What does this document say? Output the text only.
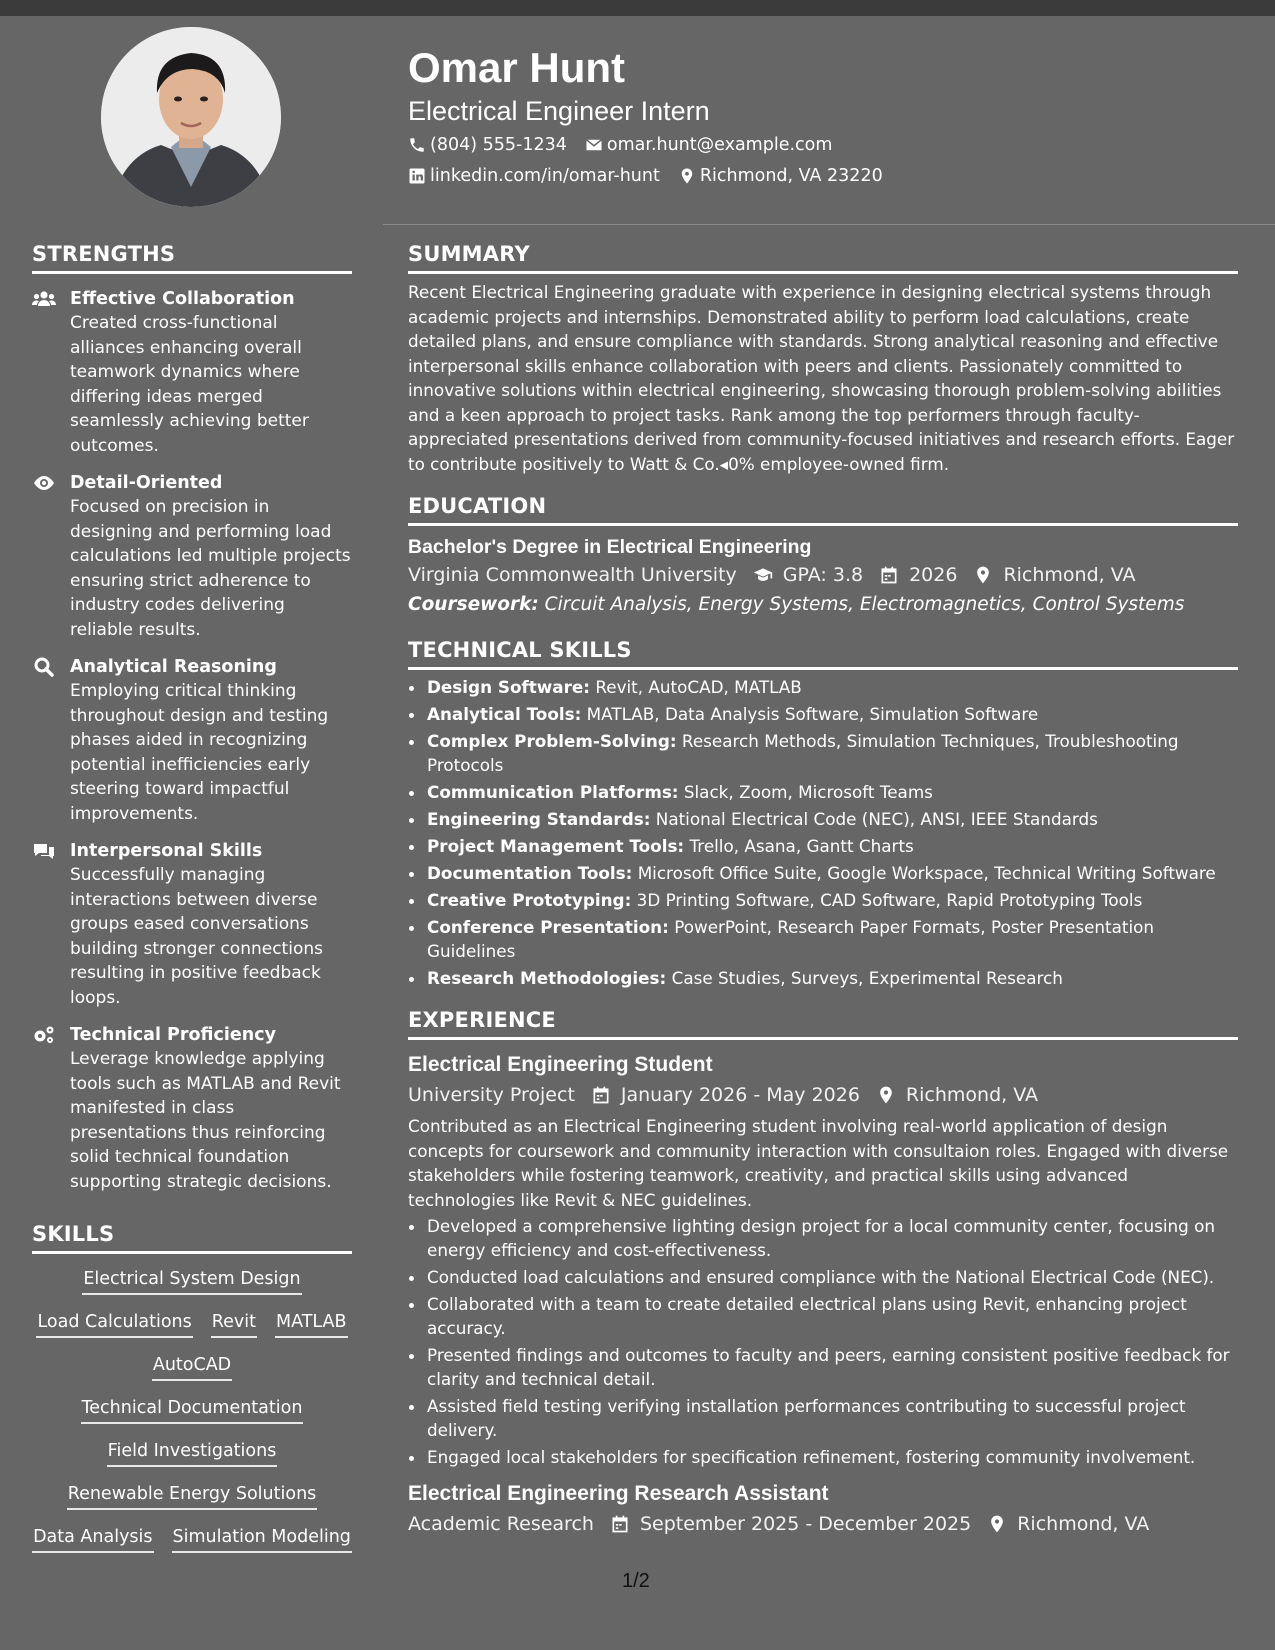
Omar Hunt
Electrical Engineer Intern
(804) 555-1234 omar.hunt@example.com
linkedin.com/in/omar-hunt Richmond, VA 23220
STRENGTHS
Effective Collaboration
Created cross-functional alliances enhancing overall teamwork dynamics where differing ideas merged seamlessly achieving better outcomes.
Detail-Oriented
Focused on precision in designing and performing load calculations led multiple projects ensuring strict adherence to industry codes delivering reliable results.
Analytical Reasoning
Employing critical thinking throughout design and testing phases aided in recognizing potential inefficiencies early steering toward impactful improvements.
Interpersonal Skills
Successfully managing interactions between diverse groups eased conversations building stronger connections resulting in positive feedback loops.
Technical Proficiency
Leverage knowledge applying tools such as MATLAB and Revit manifested in class presentations thus reinforcing solid technical foundation supporting strategic decisions.
SKILLS
Electrical System Design
Load Calculations Revit MATLAB
AutoCAD
Technical Documentation
Field Investigations
Renewable Energy Solutions
Data Analysis Simulation Modeling
SUMMARY

Recent Electrical Engineering graduate with experience in designing electrical systems through academic projects and internships. Demonstrated ability to perform load calculations, create detailed plans, and ensure compliance with standards. Strong analytical reasoning and effective interpersonal skills enhance collaboration with peers and clients. Passionately committed to innovative solutions within electrical engineering, showcasing thorough problem-solving abilities and a keen approach to project tasks. Rank among the top performers through faculty-appreciated presentations derived from community-focused initiatives and research efforts. Eager to contribute positively to Watt & Co.◂0% employee-owned firm.

EDUCATION
Bachelor's Degree in Electrical Engineering
Virginia Commonwealth University GPA: 3.8 2026 Richmond, VA
Coursework: Circuit Analysis, Energy Systems, Electromagnetics, Control Systems
TECHNICAL SKILLS
• Design Software: Revit, AutoCAD, MATLAB
• Analytical Tools: MATLAB, Data Analysis Software, Simulation Software
• Complex Problem-Solving: Research Methods, Simulation Techniques, Troubleshooting Protocols
• Communication Platforms: Slack, Zoom, Microsoft Teams
• Engineering Standards: National Electrical Code (NEC), ANSI, IEEE Standards
• Project Management Tools: Trello, Asana, Gantt Charts
• Documentation Tools: Microsoft Office Suite, Google Workspace, Technical Writing Software
• Creative Prototyping: 3D Printing Software, CAD Software, Rapid Prototyping Tools
• Conference Presentation: PowerPoint, Research Paper Formats, Poster Presentation Guidelines
• Research Methodologies: Case Studies, Surveys, Experimental Research
EXPERIENCE
Electrical Engineering Student
University Project January 2026 - May 2026 Richmond, VA

Contributed as an Electrical Engineering student involving real-world application of design concepts for coursework and community interaction with consultaion roles. Engaged with diverse stakeholders while fostering teamwork, creativity, and practical skills using advanced technologies like Revit & NEC guidelines.

• Developed a comprehensive lighting design project for a local community center, focusing on energy efficiency and cost-effectiveness.
• Conducted load calculations and ensured compliance with the National Electrical Code (NEC).
• Collaborated with a team to create detailed electrical plans using Revit, enhancing project accuracy.
• Presented findings and outcomes to faculty and peers, earning consistent positive feedback for clarity and technical detail.
• Assisted field testing verifying installation performances contributing to successful project delivery.
• Engaged local stakeholders for specification refinement, fostering community involvement.
Electrical Engineering Research Assistant
Academic Research September 2025 - December 2025 Richmond, VA
1/2
